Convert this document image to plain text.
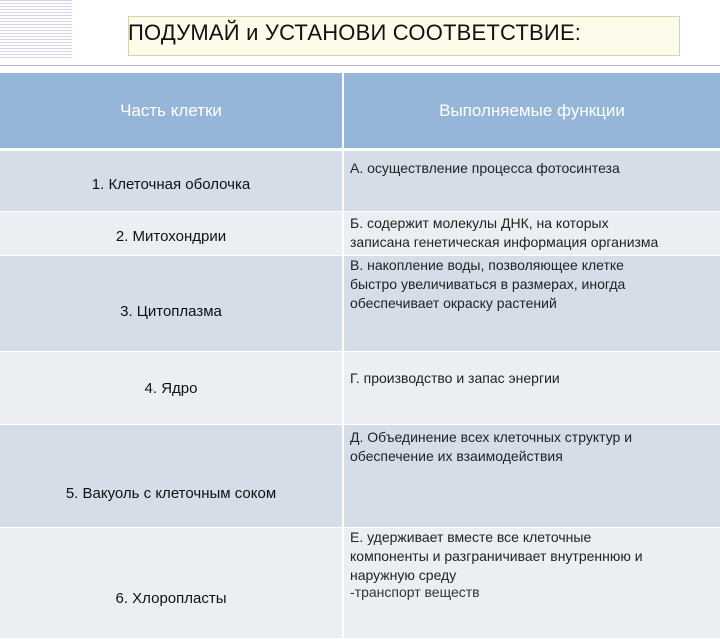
ПОДУМАЙ и УСТАНОВИ СООТВЕТСТВИЕ:
Часть клетки	Выполняемые функции
1. Клеточная оболочка	А. осуществление процесса фотосинтеза
2. Митохондрии	Б. содержит молекулы ДНК, на которых
записана генетическая информация организма
3. Цитоплазма	В. накопление воды, позволяющее клетке
быстро увеличиваться в размерах, иногда
обеспечивает окраску растений
4. Ядро	Г. производство и запас энергии
5. Вакуоль с клеточным соком	Д. Объединение всех клеточных структур и
обеспечение их взаимодействия
6. Хлоропласты	Е. удерживает вместе все клеточные
компоненты и разграничивает внутреннюю и
наружную среду
-транспорт веществ
